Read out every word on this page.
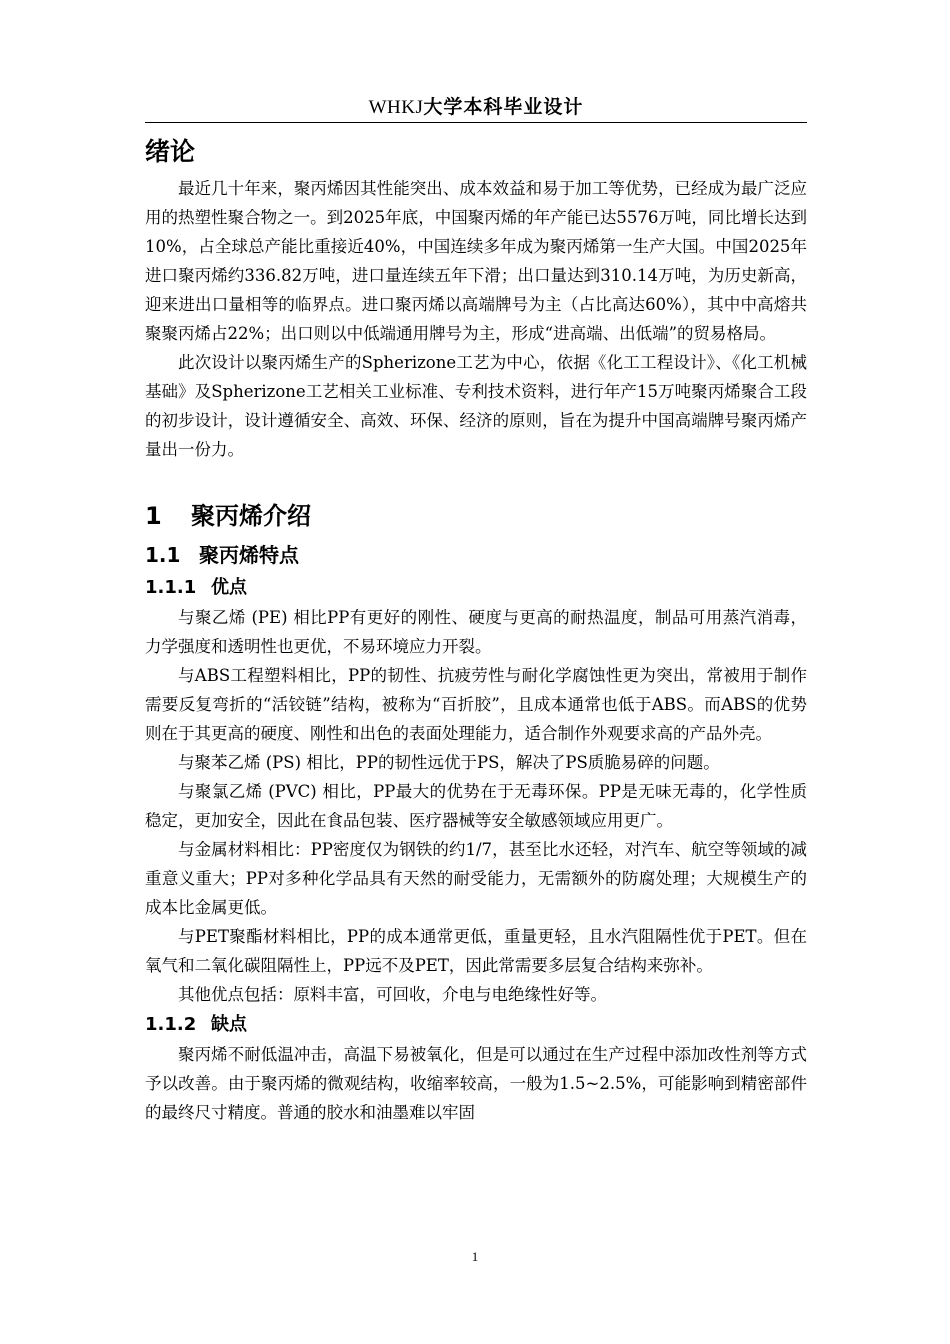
WHKJ大学本科毕业设计
绪论

最近几十年来，聚丙烯因其性能突出、成本效益和易于加工等优势，已经成为最广泛应用的热塑性聚合物之一。到2025年底，中国聚丙烯的年产能已达5576万吨，同比增长达到10%，占全球总产能比重接近40%，中国连续多年成为聚丙烯第一生产大国。中国2025年进口聚丙烯约336.82万吨，进口量连续五年下滑；出口量达到310.14万吨，为历史新高，迎来进出口量相等的临界点。进口聚丙烯以高端牌号为主（占比高达60%），其中中高熔共聚聚丙烯占22%；出口则以中低端通用牌号为主，形成“进高端、出低端”的贸易格局。

此次设计以聚丙烯生产的Spherizone工艺为中心，依据《化工工程设计》、《化工机械基础》及Spherizone工艺相关工业标准、专利技术资料，进行年产15万吨聚丙烯聚合工段的初步设计，设计遵循安全、高效、环保、经济的原则，旨在为提升中国高端牌号聚丙烯产量出一份力。

1 聚丙烯介绍
1.1 聚丙烯特点
1.1.1 优点

与聚乙烯 (PE) 相比PP有更好的刚性、硬度与更高的耐热温度，制品可用蒸汽消毒，力学强度和透明性也更优，不易环境应力开裂。

与ABS工程塑料相比，PP的韧性、抗疲劳性与耐化学腐蚀性更为突出，常被用于制作需要反复弯折的“活铰链”结构，被称为“百折胶”，且成本通常也低于ABS。而ABS的优势则在于其更高的硬度、刚性和出色的表面处理能力，适合制作外观要求高的产品外壳。

与聚苯乙烯 (PS) 相比，PP的韧性远优于PS，解决了PS质脆易碎的问题。

与聚氯乙烯 (PVC) 相比，PP最大的优势在于无毒环保。PP是无味无毒的，化学性质稳定，更加安全，因此在食品包装、医疗器械等安全敏感领域应用更广。

与金属材料相比：PP密度仅为钢铁的约1/7，甚至比水还轻，对汽车、航空等领域的减重意义重大；PP对多种化学品具有天然的耐受能力，无需额外的防腐处理；大规模生产的成本比金属更低。

与PET聚酯材料相比，PP的成本通常更低，重量更轻，且水汽阻隔性优于PET。但在氧气和二氧化碳阻隔性上，PP远不及PET，因此常需要多层复合结构来弥补。

其他优点包括：原料丰富，可回收，介电与电绝缘性好等。

1.1.2 缺点

聚丙烯不耐低温冲击，高温下易被氧化，但是可以通过在生产过程中添加改性剂等方式予以改善。由于聚丙烯的微观结构，收缩率较高，一般为1.5~2.5%，可能影响到精密部件的最终尺寸精度。普通的胶水和油墨难以牢固

1
